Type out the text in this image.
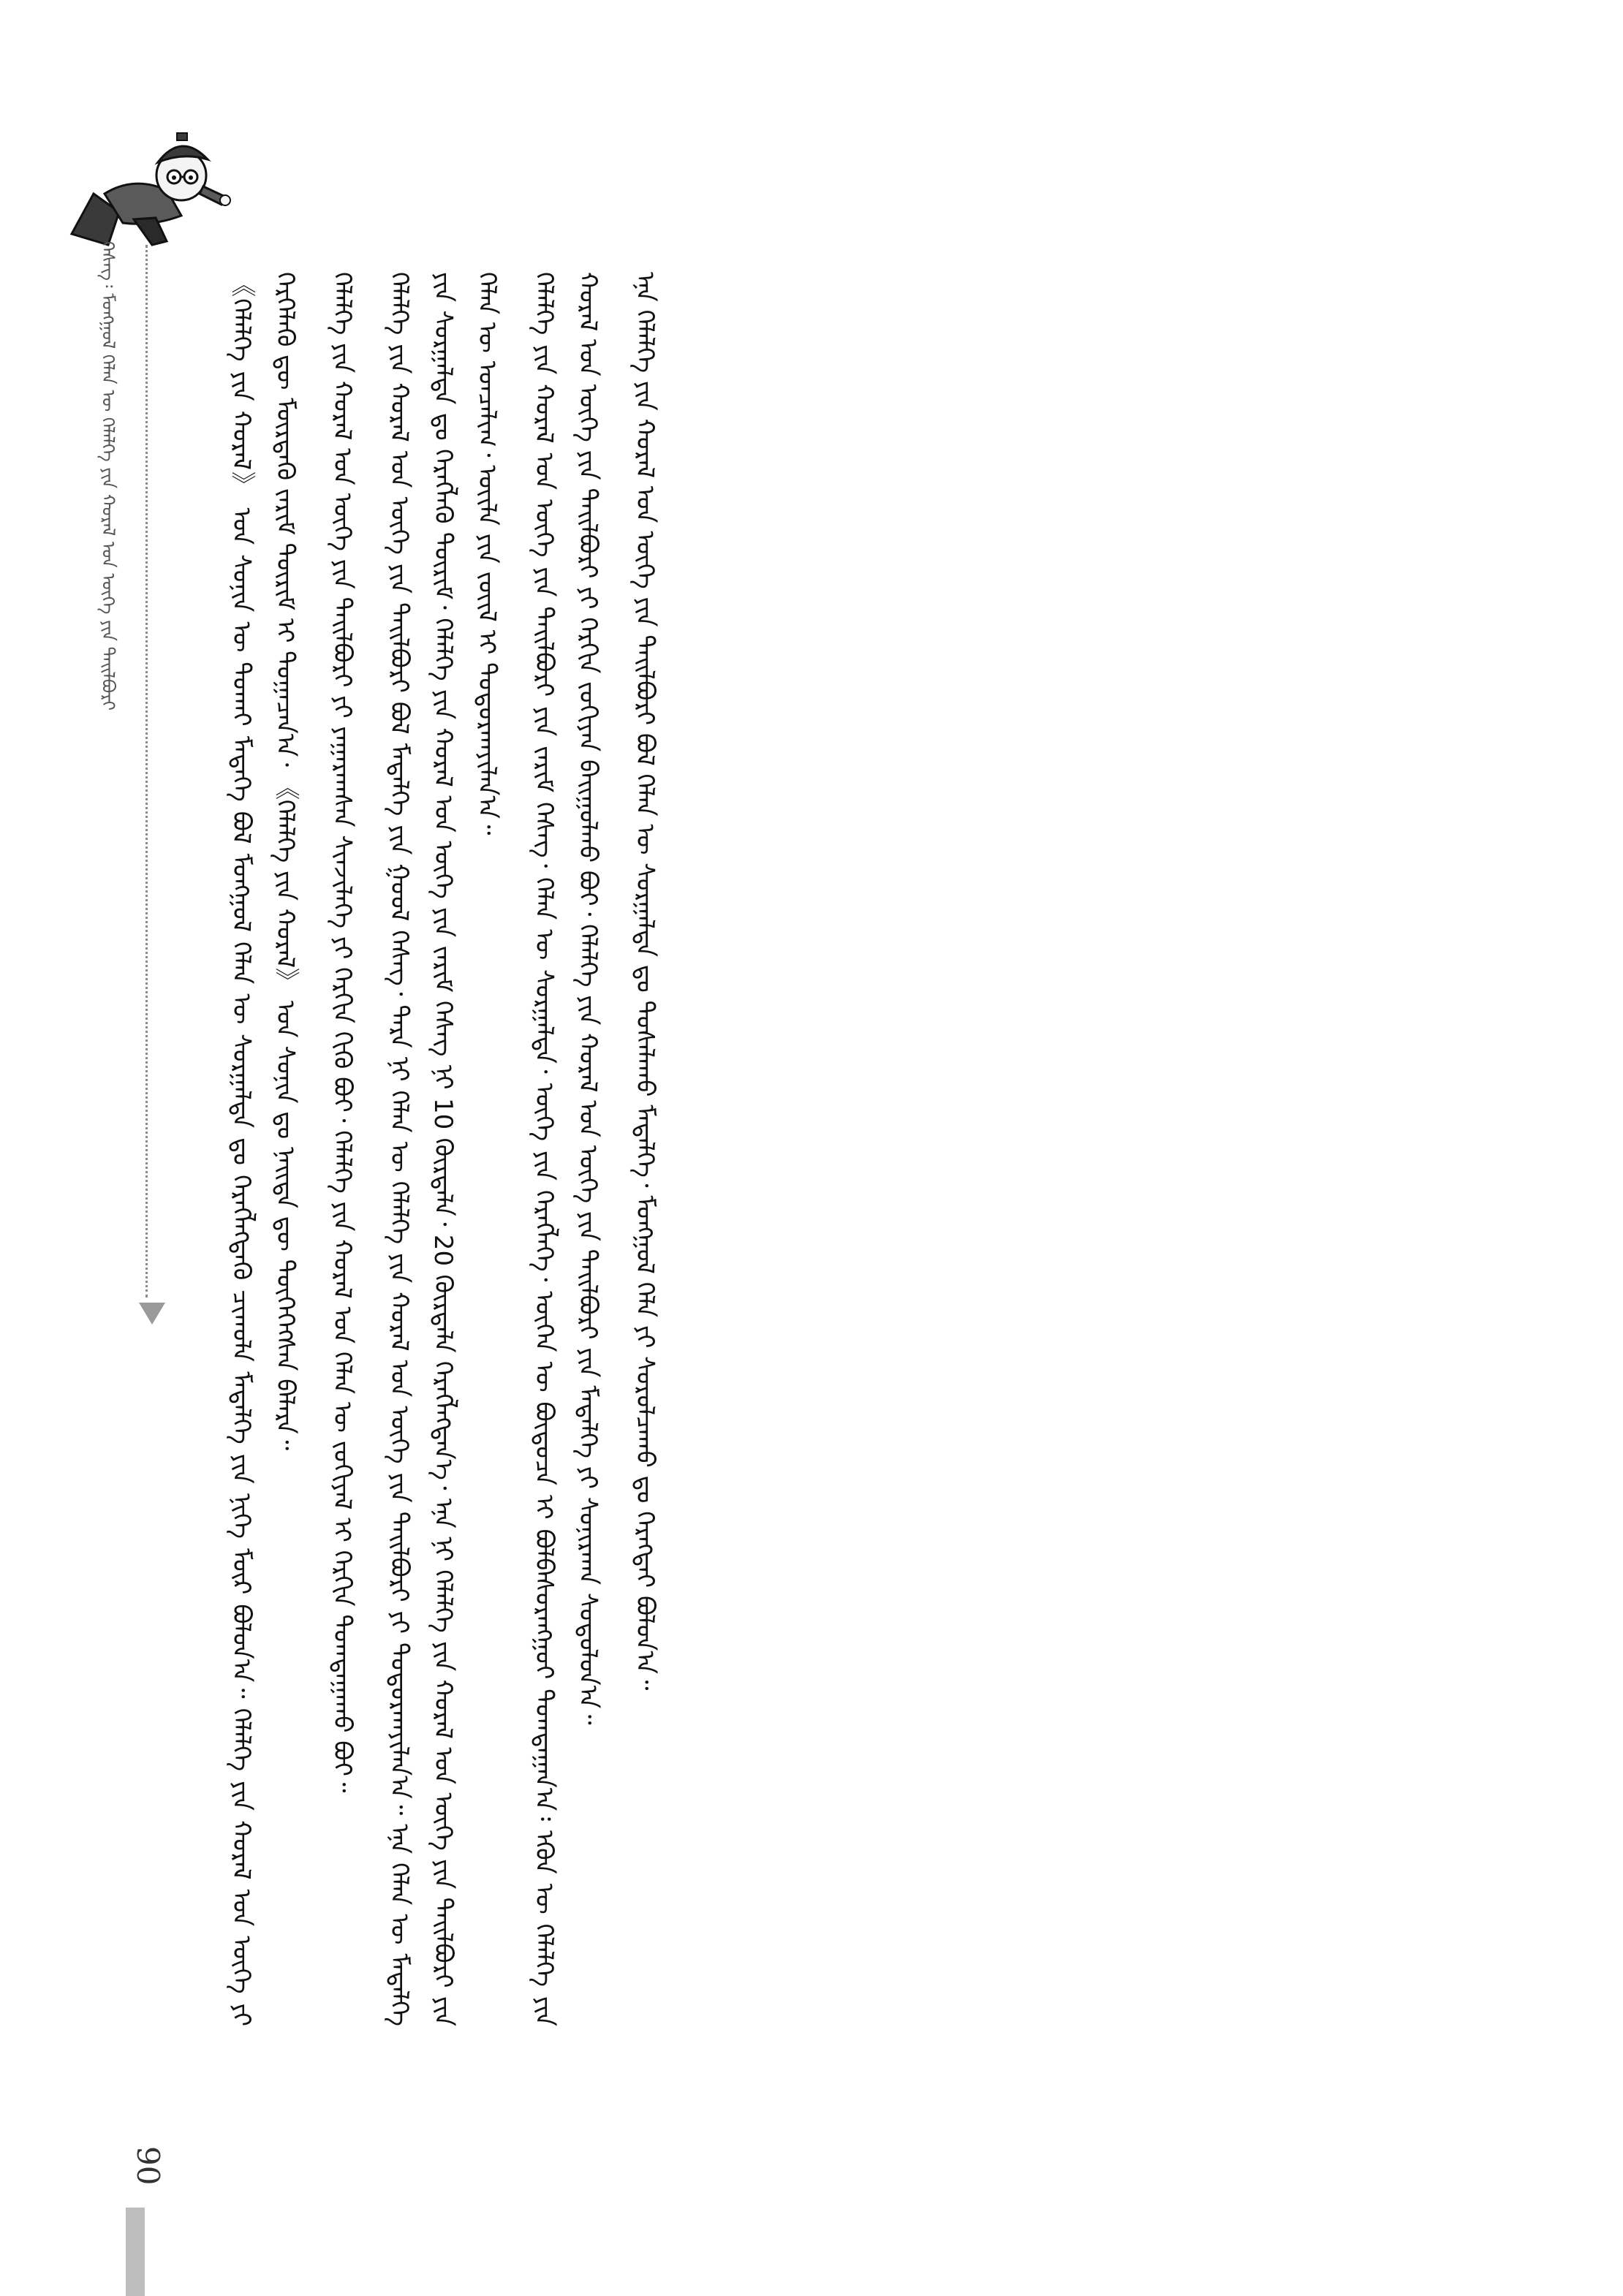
ᠬᠡᠰᠡᠭ᠄ ᠮᠣᠩᠭᠣᠯ ᠬᠡᠯᠡᠨ ᠦ ᠬᠡᠯᠡᠯᠭᠡ ᠶᠢᠨ ᠬᠤᠷᠠᠯ ᠤᠨ ᠦᠭᠡ ᠶᠢᠨ ᠲᠠᠢᠯᠪᠤᠷᠢ	《ᠬᠡᠯᠡᠯᠭᠡ ᠶᠢᠨ ᠬᠤᠷᠠᠯ》 ᠤᠨ ᠰᠣᠨᠢᠨ ᠦ ᠲᠤᠬᠠᠢ ᠮᠡᠳᠡᠭᠡ ᠪᠣᠯ ᠮᠣᠩᠭᠣᠯ ᠬᠡᠯᠡᠨ ᠦ ᠰᠤᠷᠭᠠᠯᠲᠠ ᠳᠤ ᠬᠡᠷᠡᠭᠯᠡᠭᠳᠡᠬᠦ ᠴᠢᠬᠤᠯᠠ ᠮᠡᠳᠡᠯᠭᠡ ᠶᠢᠨ ᠨᠢᠭᠡ ᠮᠥᠷ ᠪᠣᠯᠤᠨ᠎ᠠ᠃ ᠬᠡᠯᠡᠯᠭᠡ ᠶᠢᠨ ᠬᠤᠷᠠᠯ ᠤᠨ ᠦᠭᠡ ᠶᠢ ᠬᠡᠷᠭᠡᠯᠡᠬᠦ ᠳᠦ ᠮᠥᠷᠳᠡᠬᠦ ᠵᠠᠷᠢᠮ ᠳᠦᠷᠢᠮ ᠢ ᠲᠣᠭᠠᠴᠠᠨ᠎ᠠ᠂ 《ᠬᠡᠯᠡᠯᠭᠡ ᠶᠢᠨ ᠬᠤᠷᠠᠯ》 ᠤᠨ ᠰᠣᠨᠢᠨ ᠳᠤ ᠨᠡᠢᠲᠡ ᠳᠦ ᠲᠦᠭᠡᠭᠡᠭᠰᠡᠨ ᠪᠡᠯᠡᠷᠡ᠃ ᠬᠡᠯᠡᠯᠭᠡ ᠶᠢᠨ ᠬᠤᠷᠠᠯ ᠤᠨ ᠦᠭᠡ ᠶᠢᠨ ᠲᠠᠢᠯᠪᠤᠷᠢ ᠶᠢ ᠶᠠᠭᠠᠷᠠᠭᠰᠠᠨ ᠰᠢᠨᠵᠢᠯᠡᠭᠡ ᠶᠢ ᠬᠡᠷᠬᠢᠨ ᠬᠢᠬᠦ ᠪᠤᠢ᠂ ᠬᠡᠯᠡᠯᠭᠡ ᠶᠢᠨ ᠬᠤᠷᠠᠯ ᠤᠨ ᠬᠡᠯᠡᠨ ᠦ ᠵᠣᠬᠢᠶᠠᠯ ᠢ ᠬᠡᠷᠬᠢᠨ ᠲᠣᠭᠲᠠᠭᠠᠬᠤ ᠪᠤᠢ᠃ ᠬᠡᠯᠡᠯᠭᠡ ᠶᠢᠨ ᠬᠤᠷᠠᠯ ᠤᠨ ᠦᠭᠡ ᠶᠢᠨ ᠲᠠᠢᠯᠪᠤᠷᠢ ᠪᠣᠯ ᠮᠡᠳᠡᠯᠭᠡ ᠶᠢᠨ ᠭᠣᠣᠯ ᠬᠡᠰᠡᠭ᠂ ᠲᠡᠷᠡ ᠨᠢ ᠬᠡᠯᠡᠨ ᠦ ᠬᠡᠯᠡᠯᠭᠡ ᠶᠢᠨ ᠬᠤᠷᠠᠯ ᠤᠨ ᠦᠭᠡ ᠶᠢᠨ ᠲᠠᠢᠯᠪᠤᠷᠢ ᠶᠢ ᠲᠣᠳᠤᠷᠬᠠᠶᠢᠯᠠᠨ᠎ᠠ᠃ ᠡᠨᠡ ᠬᠡᠯᠡᠨ ᠦ ᠮᠡᠳᠡᠯᠭᠡ ᠶᠢᠨ ᠰᠤᠷᠭᠠᠯᠲᠠ ᠳᠤ ᠬᠡᠷᠡᠭᠯᠡᠬᠦ ᠳᠦᠷᠢᠮ᠂ ᠬᠡᠯᠡᠯᠭᠡ ᠶᠢᠨ ᠬᠤᠷᠠᠯ ᠤᠨ ᠦᠭᠡ ᠶᠢᠨ ᠵᠠᠷᠢᠮ ᠬᠡᠰᠡᠭ ᠨᠢ 10 ᠬᠦᠷᠲᠡᠯᠡ᠂ 20 ᠬᠦᠷᠲᠡᠯᠡ ᠬᠡᠷᠡᠭᠯᠡᠭᠳᠡᠨ᠎ᠡ᠂ ᠡᠨᠡ ᠨᠢ ᠬᠡᠯᠡᠯᠭᠡ ᠶᠢᠨ ᠬᠤᠷᠠᠯ ᠤᠨ ᠦᠭᠡ ᠶᠢᠨ ᠲᠠᠢᠯᠪᠤᠷᠢ ᠶᠢᠨ ᠬᠡᠯᠡᠨ ᠦ ᠣᠨᠴᠠᠯᠢᠭ᠂ ᠦᠢᠯᠡ ᠶᠢᠨ ᠵᠦᠢᠯ ᠢ ᠲᠣᠳᠤᠷᠬᠠᠶᠢᠯᠠᠨ᠎ᠠ᠃ ᠬᠡᠯᠡᠯᠭᠡ ᠶᠢᠨ ᠬᠤᠷᠠᠯ ᠤᠨ ᠦᠭᠡ ᠶᠢᠨ ᠲᠠᠢᠯᠪᠤᠷᠢ ᠶᠢᠨ ᠵᠠᠷᠢᠮ ᠬᠡᠰᠡᠭ᠂ ᠬᠡᠯᠡᠨ ᠦ ᠰᠤᠷᠭᠠᠯᠲᠠ᠂ ᠦᠭᠡ ᠶᠢᠨ ᠬᠡᠷᠡᠭᠯᠡᠭᠡ᠂ ᠦᠭᠡᠨ ᠦ ᠪᠦᠲᠦᠴᠡ ᠢ ᠪᠣᠯᠪᠠᠰᠤᠷᠠᠩᠭᠤᠢ ᠲᠣᠭᠲᠠᠭᠠᠨ᠎ᠠ᠄ ᠡᠭᠦᠨ ᠦ ᠬᠡᠯᠡᠯᠭᠡ ᠶᠢᠨ ᠬᠤᠷᠠᠯ ᠤᠨ ᠦᠭᠡ ᠶᠢᠨ ᠲᠠᠢᠯᠪᠤᠷᠢ ᠶᠢ ᠬᠡᠷᠬᠢᠨ ᠵᠣᠬᠢᠶᠠᠨ ᠪᠠᠢᠭᠤᠯᠬᠤ ᠪᠤᠢ᠂ ᠬᠡᠯᠡᠯᠭᠡ ᠶᠢᠨ ᠬᠤᠷᠠᠯ ᠤᠨ ᠦᠭᠡ ᠶᠢᠨ ᠲᠠᠢᠯᠪᠤᠷᠢ ᠶᠢᠨ ᠮᠡᠳᠡᠯᠭᠡ ᠶᠢ ᠰᠣᠨᠢᠷᠬᠠᠨ ᠰᠤᠳᠤᠯᠤᠨ᠎ᠠ᠃ ᠡᠨᠡ ᠬᠡᠯᠡᠯᠭᠡ ᠶᠢᠨ ᠬᠤᠷᠠᠯ ᠤᠨ ᠦᠭᠡ ᠶᠢᠨ ᠲᠠᠢᠯᠪᠤᠷᠢ ᠪᠣᠯ ᠬᠡᠯᠡᠨ ᠦ ᠰᠤᠷᠭᠠᠯᠲᠠ ᠳᠤ ᠲᠤᠰᠠᠯᠠᠬᠤ ᠮᠡᠳᠡᠯᠭᠡ᠂ ᠮᠣᠩᠭᠣᠯ ᠬᠡᠯᠡ ᠶᠢ ᠰᠤᠷᠤᠯᠴᠠᠬᠤ ᠳᠤ ᠬᠡᠷᠡᠭᠲᠡᠢ ᠪᠣᠯᠤᠨ᠎ᠠ᠃

90
